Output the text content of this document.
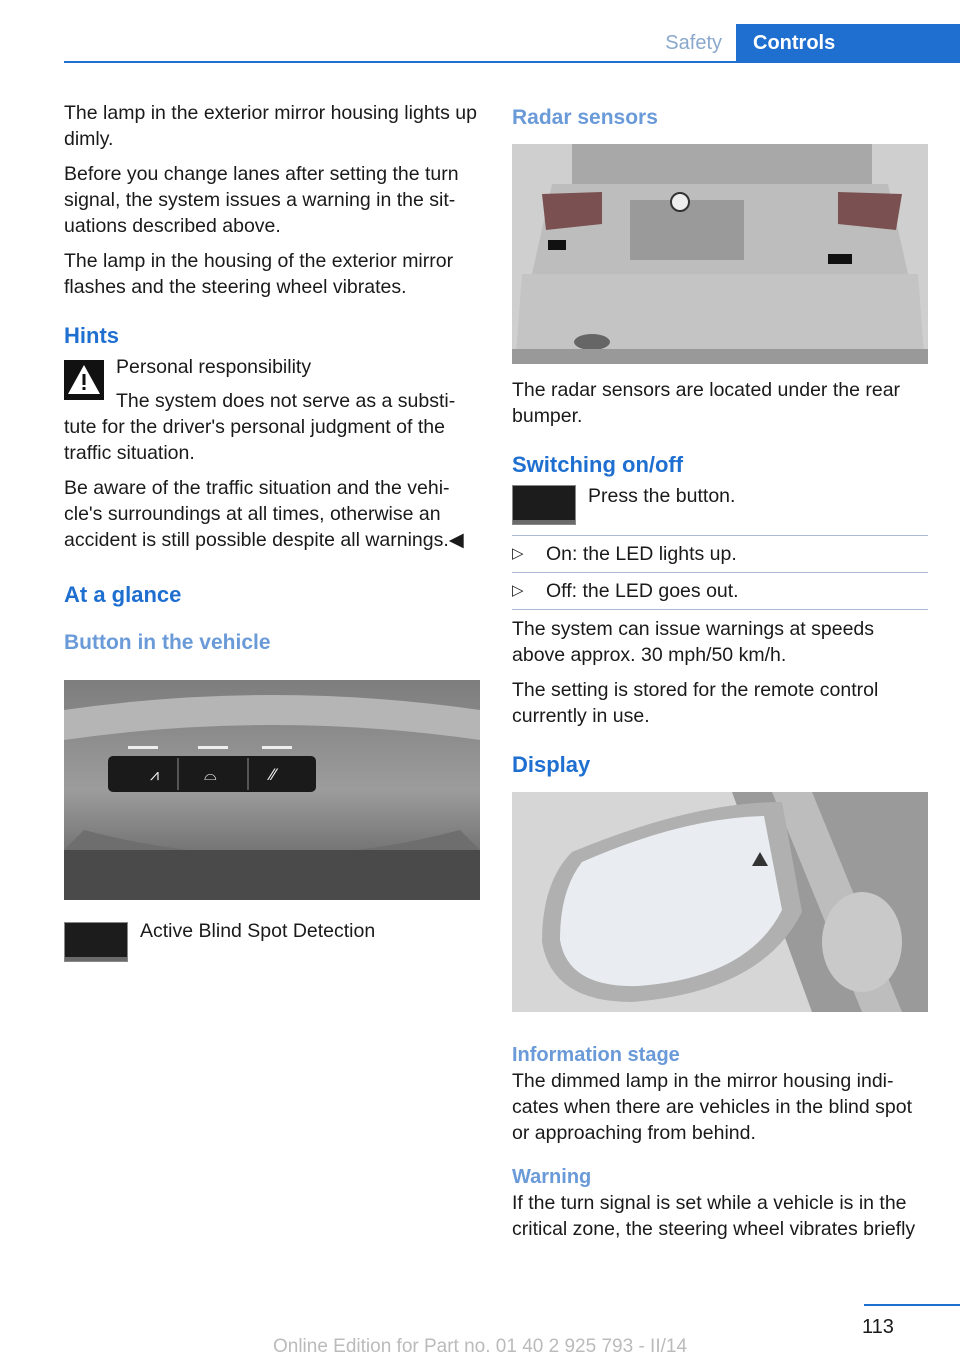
Safety	Controls

The lamp in the exterior mirror housing lights up dimly.

Before you change lanes after setting the turn signal, the system issues a warning in the sit‐uations described above.

The lamp in the housing of the exterior mirror flashes and the steering wheel vibrates.

Hints
Personal responsibility

The system does not serve as a substi‐tute for the driver's personal judgment of the traffic situation.

Be aware of the traffic situation and the vehi‐cle's surroundings at all times, otherwise an accident is still possible despite all warnings.◀

At a glance
Button in the vehicle
⩘	⌓	⁄⁄
Active Blind Spot Detection
Radar sensors

The radar sensors are located under the rear bumper.

Switching on/off
Press the button.
▷	On: the LED lights up.
▷	Off: the LED goes out.

The system can issue warnings at speeds above approx. 30 mph/50 km/h.

The setting is stored for the remote control currently in use.

Display
Information stage

The dimmed lamp in the mirror housing indi‐cates when there are vehicles in the blind spot or approaching from behind.

Warning

If the turn signal is set while a vehicle is in the critical zone, the steering wheel vibrates briefly

113
Online Edition for Part no. 01 40 2 925 793 - II/14
